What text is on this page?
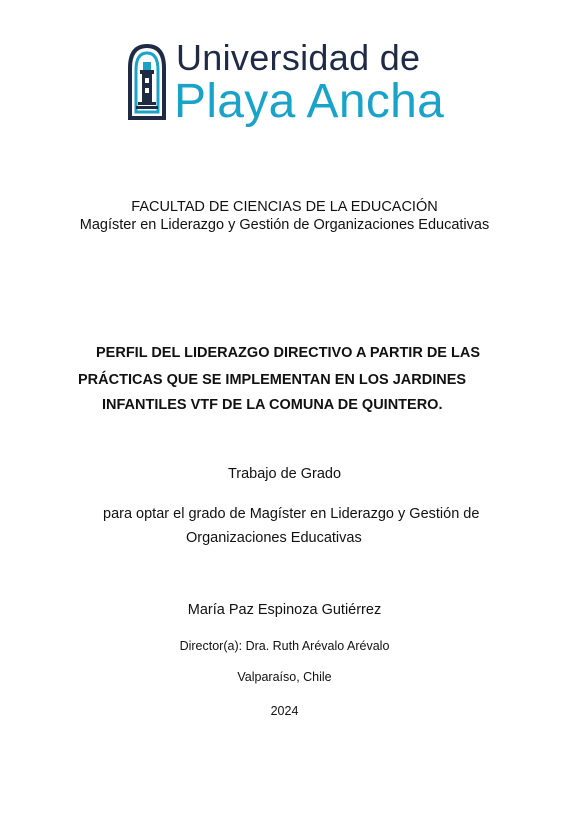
Universidad de
Playa Ancha
FACULTAD DE CIENCIAS DE LA EDUCACIÓN
Magíster en Liderazgo y Gestión de Organizaciones Educativas
PERFIL DEL LIDERAZGO DIRECTIVO A PARTIR DE LAS
PRÁCTICAS QUE SE IMPLEMENTAN EN LOS JARDINES
INFANTILES VTF DE LA COMUNA DE QUINTERO.
Trabajo de Grado
para optar el grado de Magíster en Liderazgo y Gestión de
Organizaciones Educativas
María Paz Espinoza Gutiérrez
Director(a): Dra. Ruth Arévalo Arévalo
Valparaíso, Chile
2024
